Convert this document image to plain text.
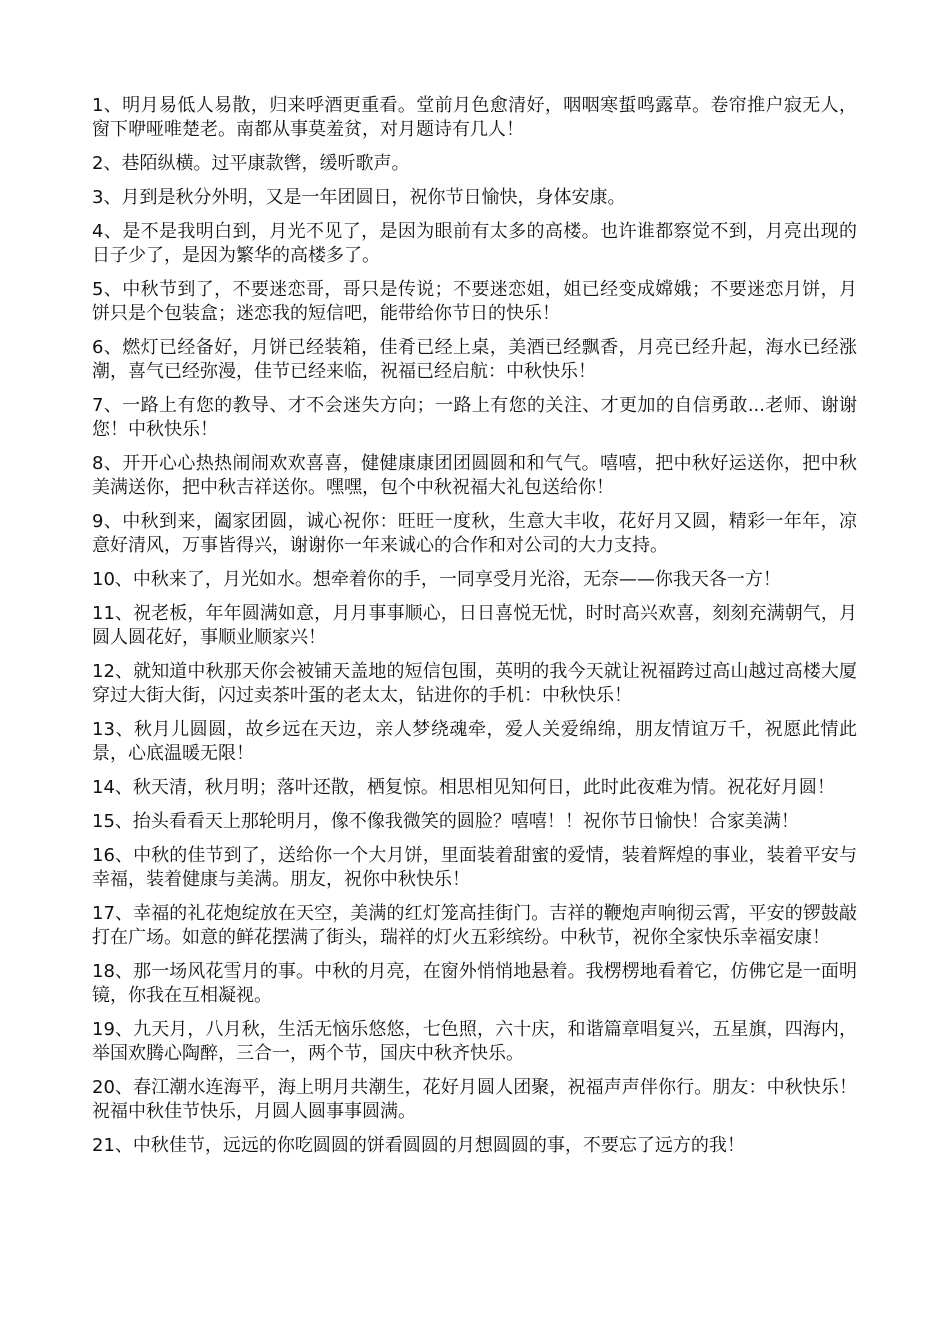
1、明月易低人易散，归来呼酒更重看。堂前月色愈清好，咽咽寒蜇鸣露草。卷帘推户寂无人，窗下咿哑唯楚老。南都从事莫羞贫，对月题诗有几人！

2、巷陌纵横。过平康款辔，缓听歌声。

3、月到是秋分外明，又是一年团圆日，祝你节日愉快，身体安康。

4、是不是我明白到，月光不见了，是因为眼前有太多的高楼。也许谁都察觉不到，月亮出现的日子少了，是因为繁华的高楼多了。

5、中秋节到了，不要迷恋哥，哥只是传说；不要迷恋姐，姐已经变成嫦娥；不要迷恋月饼，月饼只是个包装盒；迷恋我的短信吧，能带给你节日的快乐！

6、燃灯已经备好，月饼已经装箱，佳肴已经上桌，美酒已经飘香，月亮已经升起，海水已经涨潮，喜气已经弥漫，佳节已经来临，祝福已经启航：中秋快乐！

7、一路上有您的教导、才不会迷失方向；一路上有您的关注、才更加的自信勇敢...老师、谢谢您！中秋快乐！

8、开开心心热热闹闹欢欢喜喜，健健康康团团圆圆和和气气。嘻嘻，把中秋好运送你，把中秋美满送你，把中秋吉祥送你。嘿嘿，包个中秋祝福大礼包送给你！

9、中秋到来，阖家团圆，诚心祝你：旺旺一度秋，生意大丰收，花好月又圆，精彩一年年，凉意好清风，万事皆得兴，谢谢你一年来诚心的合作和对公司的大力支持。

10、中秋来了，月光如水。想牵着你的手，一同享受月光浴，无奈——你我天各一方！

11、祝老板，年年圆满如意，月月事事顺心，日日喜悦无忧，时时高兴欢喜，刻刻充满朝气，月圆人圆花好，事顺业顺家兴！

12、就知道中秋那天你会被铺天盖地的短信包围，英明的我今天就让祝福跨过高山越过高楼大厦穿过大街大街，闪过卖茶叶蛋的老太太，钻进你的手机：中秋快乐！

13、秋月儿圆圆，故乡远在天边，亲人梦绕魂牵，爱人关爱绵绵，朋友情谊万千，祝愿此情此景，心底温暖无限！

14、秋天清，秋月明；落叶还散，栖复惊。相思相见知何日，此时此夜难为情。祝花好月圆！

15、抬头看看天上那轮明月，像不像我微笑的圆脸？嘻嘻！！祝你节日愉快！合家美满！

16、中秋的佳节到了，送给你一个大月饼，里面装着甜蜜的爱情，装着辉煌的事业，装着平安与幸福，装着健康与美满。朋友，祝你中秋快乐！

17、幸福的礼花炮绽放在天空，美满的红灯笼高挂街门。吉祥的鞭炮声响彻云霄，平安的锣鼓敲打在广场。如意的鲜花摆满了街头，瑞祥的灯火五彩缤纷。中秋节，祝你全家快乐幸福安康！

18、那一场风花雪月的事。中秋的月亮，在窗外悄悄地悬着。我楞楞地看着它，仿佛它是一面明镜，你我在互相凝视。

19、九天月，八月秋，生活无恼乐悠悠，七色照，六十庆，和谐篇章唱复兴，五星旗，四海内，举国欢腾心陶醉，三合一，两个节，国庆中秋齐快乐。

20、春江潮水连海平，海上明月共潮生，花好月圆人团聚，祝福声声伴你行。朋友：中秋快乐！祝福中秋佳节快乐，月圆人圆事事圆满。

21、中秋佳节，远远的你吃圆圆的饼看圆圆的月想圆圆的事，不要忘了远方的我！
